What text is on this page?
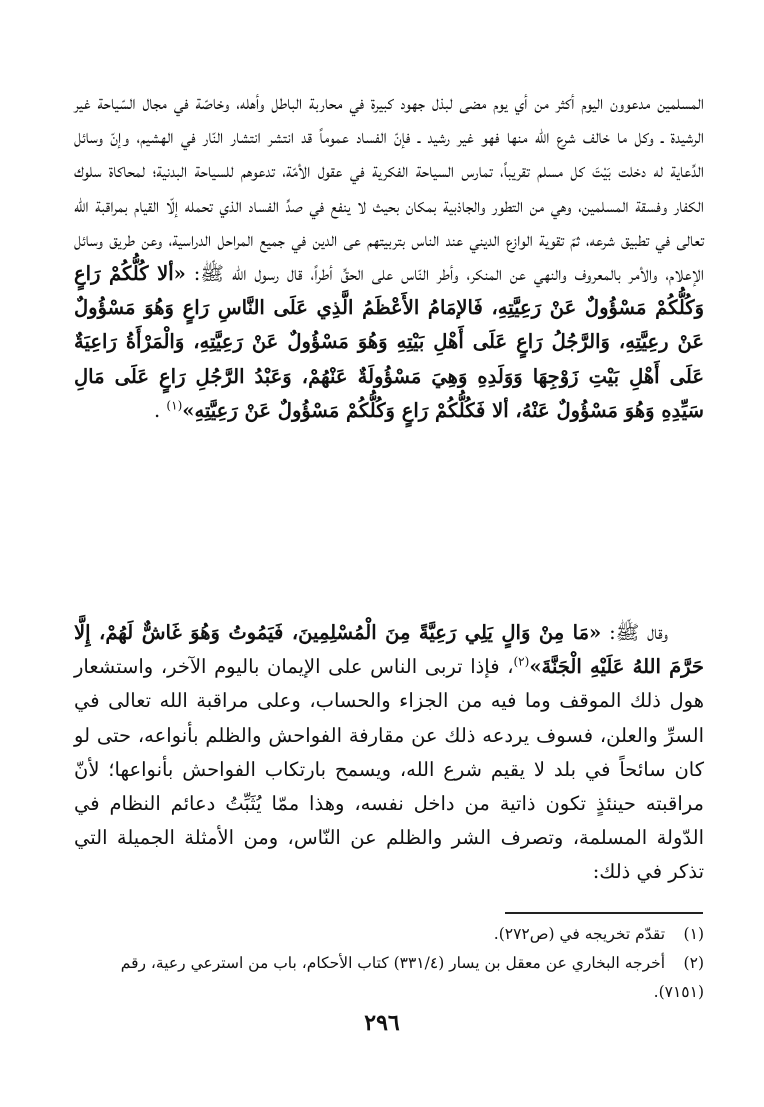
المسلمين مدعوون اليوم أكثر من أي يوم مضى لبذل جهود كبيرة في محاربة الباطل وأهله، وخاصّة في مجال السّياحة غير الرشيدة ـ وكل ما خالف شرع الله منها فهو غير رشيد ـ فإنّ الفساد عموماً قد انتشر انتشار النّار في الهشيم، وإنّ وسائل الدِّعاية له دخلت بَيْتَ كل مسلم تقريباً، تمارس السياحة الفكرية في عقول الأمّة، تدعوهم للسياحة البدنية؛ لمحاكاة سلوك الكفار وفسقة المسلمين، وهي من التطور والجاذبية بمكان بحيث لا ينفع في صدِّ الفساد الذي تحمله إلّا القيام بمراقبة الله تعالى في تطبيق شرعه، ثمّ تقوية الوازع الديني عند الناس بتربيتهم عى الدين في جميع المراحل الدراسية، وعن طريق وسائل الإعلام، والأمر بالمعروف والنهي عن المنكر، وأطر النّاس على الحقِّ أطراً، قال رسول الله ﷺ: «ألا كُلُّكُمْ رَاعٍ وَكُلُّكُمْ مَسْؤُولٌ عَنْ رَعِيَّتِهِ، فَالإمَامُ الأَعْظَمُ الَّذِي عَلَى النَّاسِ رَاعٍ وَهُوَ مَسْؤُولٌ عَنْ رعِيَّتِهِ، وَالرَّجُلُ رَاعٍ عَلَى أَهْلِ بَيْتِهِ وَهُوَ مَسْؤُولٌ عَنْ رَعِيَّتِهِ، وَالْمَرْأَةُ رَاعِيَةٌ عَلَى أَهْلِ بَيْتِ زَوْجِهَا وَوَلَدِهِ وَهِيَ مَسْؤُولَةٌ عَنْهُمْ، وَعَبْدُ الرَّجُلِ رَاعٍ عَلَى مَالِ سَيِّدِهِ وَهُوَ مَسْؤُولٌ عَنْهُ، ألا فَكُلُّكُمْ رَاعٍ وَكُلُّكُمْ مَسْؤُولٌ عَنْ رَعِيَّتِهِ»$^{(١)}$ .

وقال ﷺ: «مَا مِنْ وَالٍ يَلِي رَعِيَّةً مِنَ الْمُسْلِمِينَ، فَيَمُوتُ وَهُوَ غَاشٌّ لَهُمْ، إِلَّا حَرَّمَ اللهُ عَلَيْهِ الْجَنَّةَ»$^{(٢)}$، فإذا تربى الناس على الإيمان باليوم الآخر، واستشعار هول ذلك الموقف وما فيه من الجزاء والحساب، وعلى مراقبة الله تعالى في السرِّ والعلن، فسوف يردعه ذلك عن مقارفة الفواحش والظلم بأنواعه، حتى لو كان سائحاً في بلد لا يقيم شرع الله، ويسمح بارتكاب الفواحش بأنواعها؛ لأنّ مراقبته حينئذٍ تكون ذاتية من داخل نفسه، وهذا ممّا يُثَبِّتُ دعائم النظام في الدّولة المسلمة، وتصرف الشر والظلم عن النّاس، ومن الأمثلة الجميلة التي تذكر في ذلك:

(١) تقدّم تخريجه في (ص٢٧٢).
(٢) أخرجه البخاري عن معقل بن يسار (٣٣١/٤) كتاب الأحكام، باب من استرعي رعية، رقم (٧١٥١).
٢٩٦
